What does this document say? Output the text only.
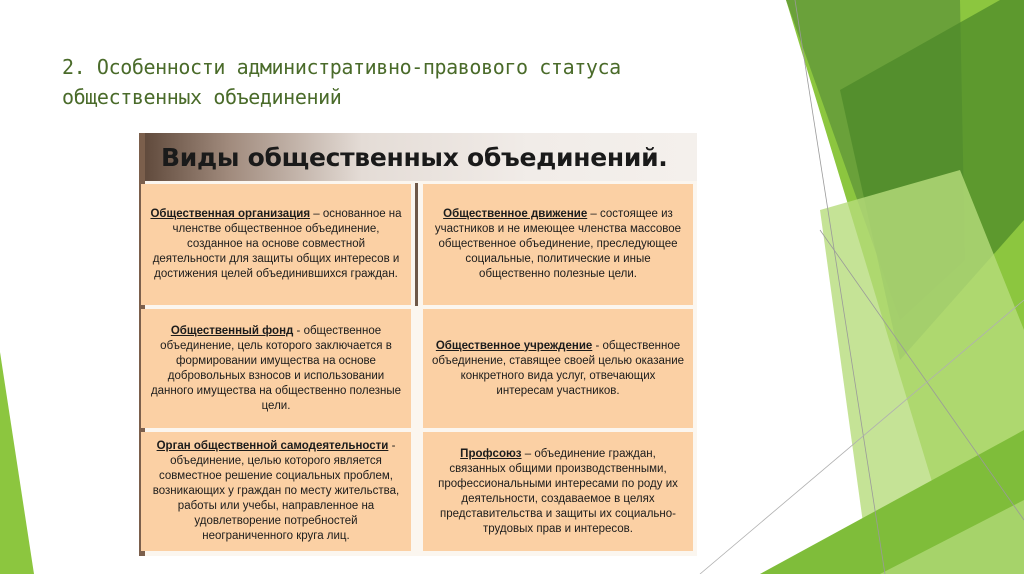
2. Особенности административно-правового статуса
общественных объединений
Виды общественных объединений.

Общественная организация – основанное на членстве общественное объединение, созданное на основе совместной деятельности для защиты общих интересов и достижения целей объединившихся граждан.

Общественное движение – состоящее из участников и не имеющее членства массовое общественное объединение, преследующее социальные, политические и иные общественно полезные цели.

Общественный фонд - общественное объединение, цель которого заключается в формировании имущества на основе добровольных взносов и использовании данного имущества на общественно полезные цели.

Общественное учреждение - общественное объединение, ставящее своей целью оказание конкретного вида услуг, отвечающих интересам участников.

Орган общественной самодеятельности - объединение, целью которого является совместное решение социальных проблем, возникающих у граждан по месту жительства, работы или учебы, направленное на удовлетворение потребностей неограниченного круга лиц.

Профсоюз – объединение граждан, связанных общими производственными, профессиональными интересами по роду их деятельности, создаваемое в целях представительства и защиты их социально-трудовых прав и интересов.
